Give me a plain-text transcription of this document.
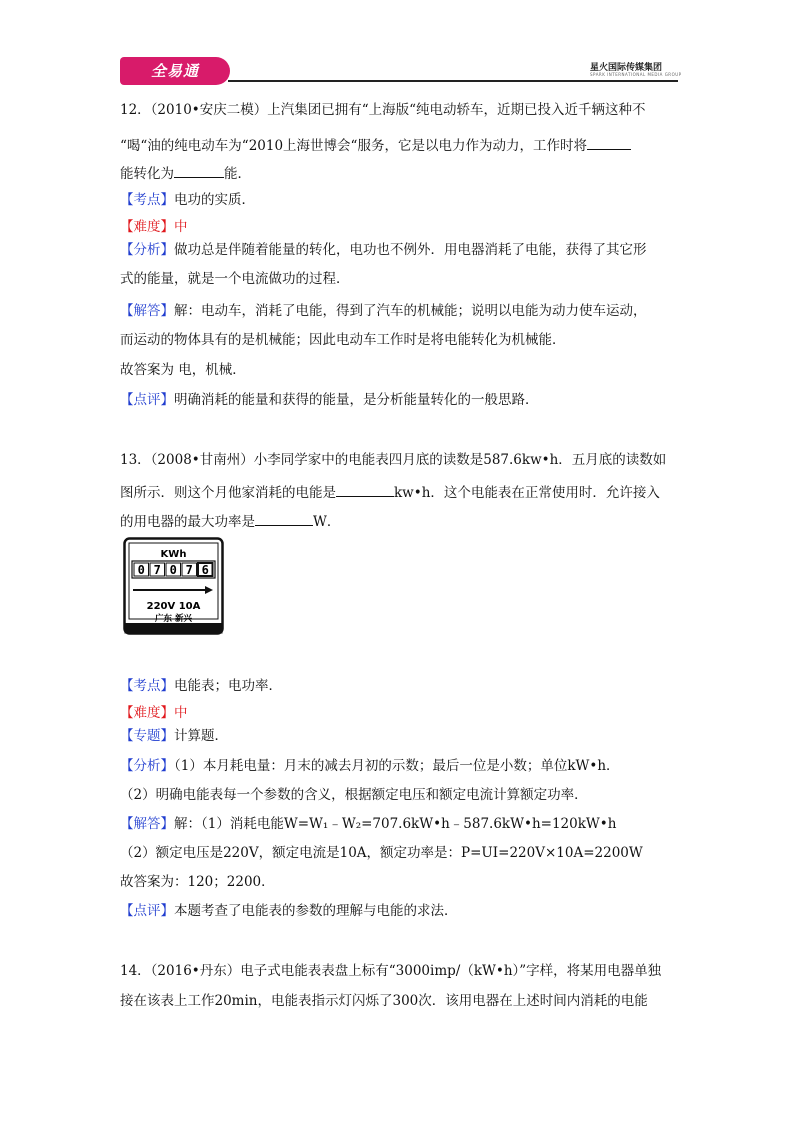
全易通	星火国际传媒集团
SPARK INTERNATIONAL MEDIA GROUP
12．（2010•安庆二模）上汽集团已拥有“上海版“纯电动轿车，近期已投入近千辆这种不
“喝“油的纯电动车为“2010上海世博会“服务，它是以电力作为动力，工作时将
能转化为	能．
【考点】电功的实质．
【难度】中
【分析】做功总是伴随着能量的转化，电功也不例外．用电器消耗了电能，获得了其它形
式的能量，就是一个电流做功的过程．
【解答】解：电动车，消耗了电能，得到了汽车的机械能；说明以电能为动力使车运动，
而运动的物体具有的是机械能；因此电动车工作时是将电能转化为机械能．
故答案为 电，机械．
【点评】明确消耗的能量和获得的能量，是分析能量转化的一般思路．
13．（2008•甘南州）小李同学家中的电能表四月底的读数是587.6kw•h．五月底的读数如
图所示．则这个月他家消耗的电能是	kw•h．这个电能表在正常使用时．允许接入
的用电器的最大功率是	W．
KWh
0 7 0 7 6
220V 10A
广东 新兴
【考点】电能表；电功率．
【难度】中
【专题】计算题．
【分析】（1）本月耗电量：月末的减去月初的示数；最后一位是小数；单位kW•h．
（2）明确电能表每一个参数的含义，根据额定电压和额定电流计算额定功率．
【解答】解：（1）消耗电能W=W₁﹣W₂=707.6kW•h﹣587.6kW•h=120kW•h
（2）额定电压是220V，额定电流是10A，额定功率是：P=UI=220V×10A=2200W
故答案为：120；2200．
【点评】本题考查了电能表的参数的理解与电能的求法．
14．（2016•丹东）电子式电能表表盘上标有“3000imp/（kW•h）”字样，将某用电器单独
接在该表上工作20min，电能表指示灯闪烁了300次．该用电器在上述时间内消耗的电能
